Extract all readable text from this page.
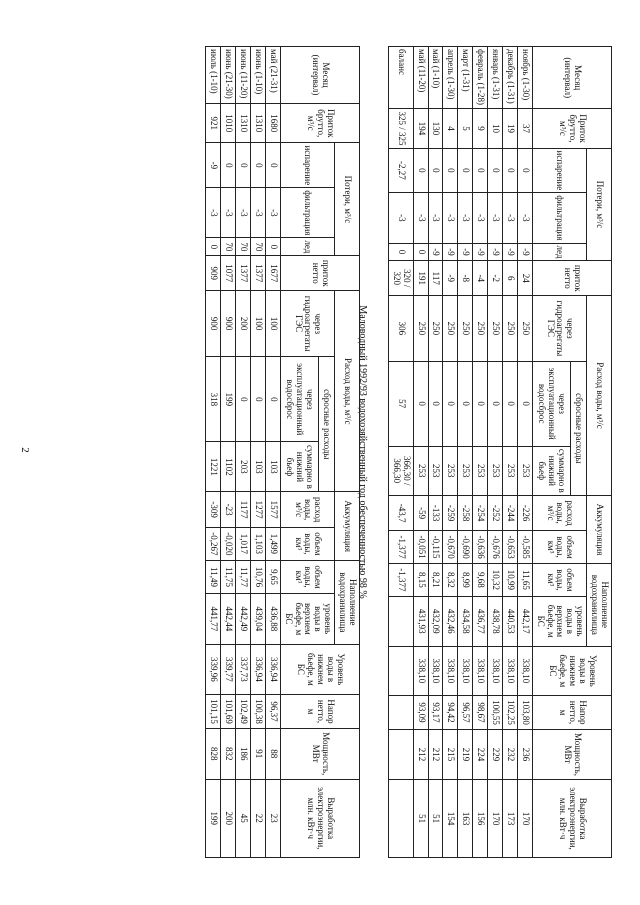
2
Месяц (интервал)	Приток брутто, м³/с	Потери, м³/с			приток нетто	Расход воды, м³/с			Аккумуляция		Наполнение водохранилища		Уровень воды в нижнем бьефе, м БС	Напор нетто, м	Мощность, МВт	Выработка электроэнергии, млн. кВт·ч
		испарение	фильтрация	лед		через гидроагрегаты ГЭС	сбросные расходы		расход воды, м³/с	объем воды, км³	объем воды, км³	уровень воды в верхнем бьефе, м БС				
							через эксплуатационный водосброс	суммарно в нижний бьеф								
ноябрь (1-30)	37	0	-3	-9	24	250	0	253	-226	-0,585	11,65	442,17	338,10	103,80	236	170
декабрь (1-31)	19	0	-3	-9	6	250	0	253	-244	-0,653	10,99	440,53	338,10	102,25	232	173
январь (1-31)	10	0	-3	-9	-2	250	0	253	-252	-0,676	10,32	438,78	338,10	100,55	229	170
февраль (1-28)	9	0	-3	-9	-4	250	0	253	-254	-0,636	9,68	436,77	338,10	98,67	224	156
март (1-31)	5	0	-3	-9	-8	250	0	253	-258	-0,690	8,99	434,58	338,10	96,57	219	163
апрель (1-30)	4	0	-3	-9	-9	250	0	253	-259	-0,670	8,32	432,46	338,10	94,42	215	154
май (1-10)	130	0	-3	-9	117	250	0	253	-133	-0,115	8,21	432,09	338,10	93,17	212	51
май (11-20)	194	0	-3	0	191	250	0	253	-59	-0,051	8,15	431,93	338,10	93,09	212	51
баланс	325 / 325	-2,27	-3	0	320 / 320	306	57	366,30 / 366,30	-43,7	-1,377	-1,377					
Маловодный 1992/93 водохозяйственный год обеспеченностью 98 %
Месяц (интервал)	Приток брутто, м³/с	Потери, м³/с			приток нетто	Расход воды, м³/с			Аккумуляция		Наполнение водохранилища		Уровень воды в нижнем бьефе, м БС	Напор нетто, м	Мощность, МВт	Выработка электроэнергии, млн. кВт·ч
		испарение	фильтрация	лед		через гидроагрегаты ГЭС	сбросные расходы		расход воды, м³/с	объем воды, км³	объем воды, км³	уровень воды в верхнем бьефе, м БС				
							через эксплуатационный водосброс	суммарно в нижний бьеф								
май (21-31)	1680	0	-3	0	1677	100	0	103	1577	1,499	9,65	436,88	336,94	96,37	88	23
июнь (1-10)	1310	0	-3	70	1377	100	0	103	1277	1,103	10,76	439,04	336,94	100,38	91	22
июнь (11-20)	1310	0	-3	70	1377	200	0	203	1177	1,017	11,77	442,49	337,73	102,49	186	45
июнь (21-30)	1010	0	-3	70	1077	900	199	1102	-23	-0,020	11,75	442,44	339,77	101,69	832	200
июль (1-10)	921	-9	-3	0	909	900	318	1221	-309	-0,267	11,49	441,77	339,96	101,15	828	199
